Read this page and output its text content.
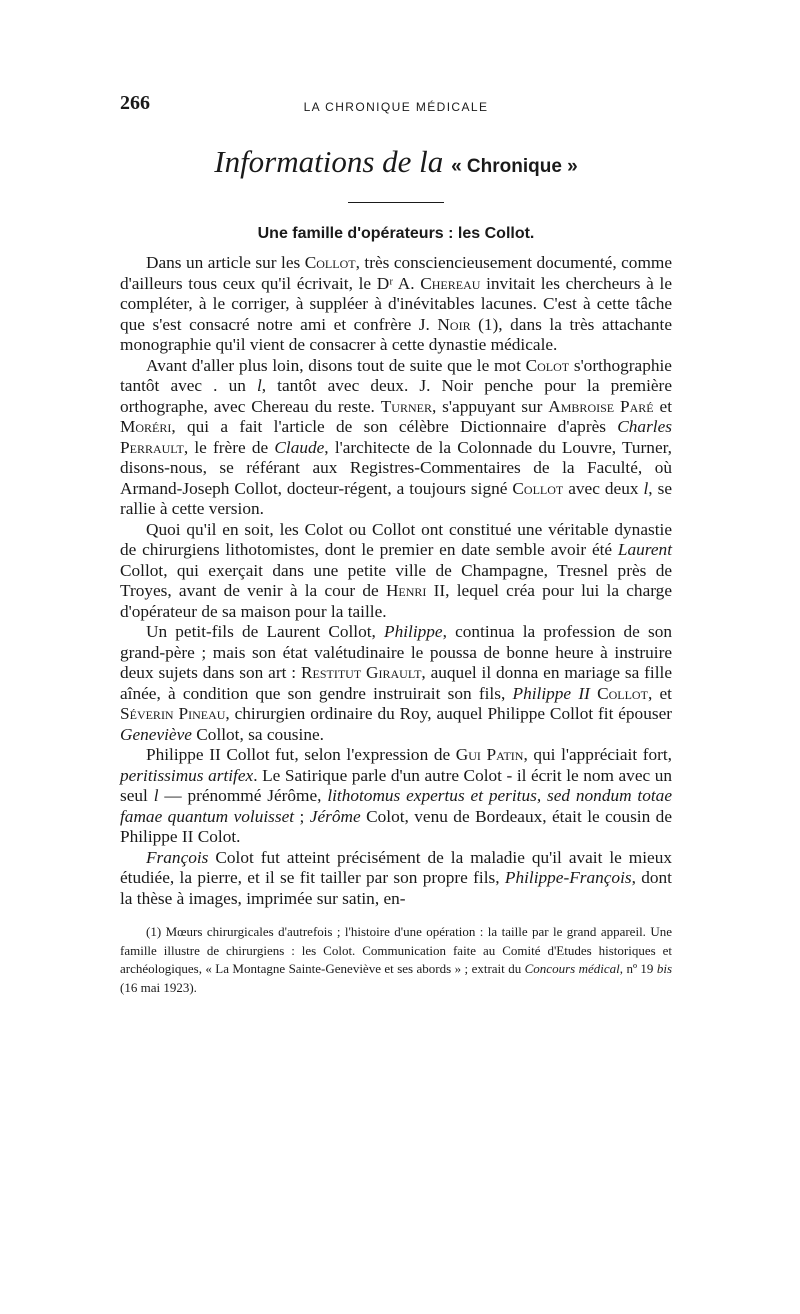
266	LA CHRONIQUE MÉDICALE
Informations de la « Chronique »
Une famille d'opérateurs : les Collot.

Dans un article sur les Collot, très consciencieusement documenté, comme d'ailleurs tous ceux qu'il écrivait, le Dʳ A. Chereau invitait les chercheurs à le compléter, à le corriger, à suppléer à d'inévitables lacunes. C'est à cette tâche que s'est consacré notre ami et confrère J. Noir (1), dans la très attachante monographie qu'il vient de consacrer à cette dynastie médicale.

Avant d'aller plus loin, disons tout de suite que le mot Colot s'orthographie tantôt avec . un l, tantôt avec deux. J. Noir penche pour la première orthographe, avec Chereau du reste. Turner, s'appuyant sur Ambroise Paré et Moréri, qui a fait l'article de son célèbre Dictionnaire d'après Charles Perrault, le frère de Claude, l'architecte de la Colonnade du Louvre, Turner, disons-nous, se référant aux Registres-Commentaires de la Faculté, où Armand-Joseph Collot, docteur-régent, a toujours signé Collot avec deux l, se rallie à cette version.

Quoi qu'il en soit, les Colot ou Collot ont constitué une véritable dynastie de chirurgiens lithotomistes, dont le premier en date semble avoir été Laurent Collot, qui exerçait dans une petite ville de Champagne, Tresnel près de Troyes, avant de venir à la cour de Henri II, lequel créa pour lui la charge d'opérateur de sa maison pour la taille.

Un petit-fils de Laurent Collot, Philippe, continua la profession de son grand-père ; mais son état valétudinaire le poussa de bonne heure à instruire deux sujets dans son art : Restitut Girault, auquel il donna en mariage sa fille aînée, à condition que son gendre instruirait son fils, Philippe II Collot, et Séverin Pineau, chirurgien ordinaire du Roy, auquel Philippe Collot fit épouser Geneviève Collot, sa cousine.

Philippe II Collot fut, selon l'expression de Gui Patin, qui l'appréciait fort, peritissimus artifex. Le Satirique parle d'un autre Colot - il écrit le nom avec un seul l — prénommé Jérôme, lithotomus expertus et peritus, sed nondum totae famae quantum voluisset ; Jérôme Colot, venu de Bordeaux, était le cousin de Philippe II Colot.

François Colot fut atteint précisément de la maladie qu'il avait le mieux étudiée, la pierre, et il se fit tailler par son propre fils, Philippe-François, dont la thèse à images, imprimée sur satin, en-

(1) Mœurs chirurgicales d'autrefois ; l'histoire d'une opération : la taille par le grand appareil. Une famille illustre de chirurgiens : les Colot. Communication faite au Comité d'Etudes historiques et archéologiques, « La Montagne Sainte-Geneviève et ses abords » ; extrait du Concours médical, nº 19 bis (16 mai 1923).
